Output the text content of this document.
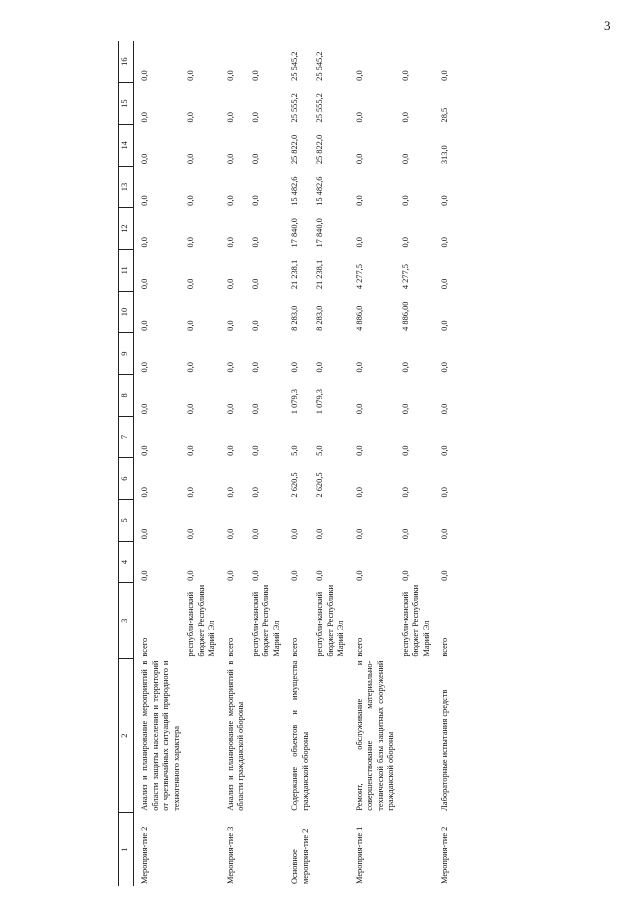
3
1	2	3	4	5	6	7	8	9	10	11	12	13	14	15	16
Мероприя-тие 2	Анализ и планирование мероприятий в области защиты населения и территорий от чрезвычайных ситуаций природного и техногенного характера	всего	0,0	0,0	0,0	0,0	0,0	0,0	0,0	0,0	0,0	0,0	0,0	0,0	0,0
		республи-канский бюджет Республики Марий Эл	0,0	0,0	0,0	0,0	0,0	0,0	0,0	0,0	0,0	0,0	0,0	0,0	0,0
Мероприя-тие 3	Анализ и планирование мероприятий в области гражданской обороны	всего	0,0	0,0	0,0	0,0	0,0	0,0	0,0	0,0	0,0	0,0	0,0	0,0	0,0
		республи-канский бюджет Республики Марий Эл	0,0	0,0	0,0	0,0	0,0	0,0	0,0	0,0	0,0	0,0	0,0	0,0	0,0
Основное мероприя-тие 2	Содержание объектов и имущества гражданской обороны	всего	0,0	0,0	2 620,5	5,0	1 079,3	0,0	8 283,0	21 238,1	17 840,0	15 482,6	25 822,0	25 555,2	25 545,2
		республи-канский бюджет Республики Марий Эл	0,0	0,0	2 620,5	5,0	1 079,3	0,0	8 283,0	21 238,1	17 840,0	15 482,6	25 822,0	25 555,2	25 545,2
Мероприя-тие 1	Ремонт, обслуживание и совершенствование материально-технической базы защитных сооружений гражданской обороны	всего	0,0	0,0	0,0	0,0	0,0	0,0	4 886,0	4 277,5	0,0	0,0	0,0	0,0	0,0
		республи-канский бюджет Республики Марий Эл	0,0	0,0	0,0	0,0	0,0	0,0	4 886,00	4 277,5	0,0	0,0	0,0	0,0	0,0
Мероприя-тие 2	Лабораторные испытания средств	всего	0,0	0,0	0,0	0,0	0,0	0,0	0,0	0,0	0,0	0,0	313,0	28,5	0,0
